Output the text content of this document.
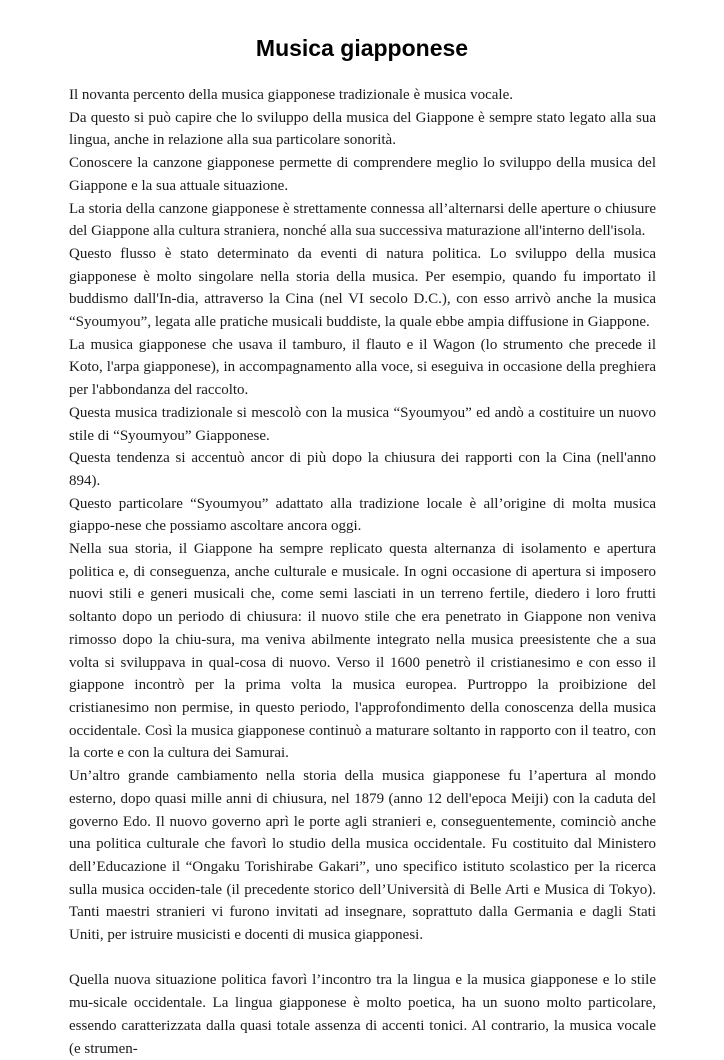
Musica giapponese

Il novanta percento della musica giapponese tradizionale è musica vocale.

Da questo si può capire che lo sviluppo della musica del Giappone è sempre stato legato alla sua lingua, anche in relazione alla sua particolare sonorità.

Conoscere la canzone giapponese permette di comprendere meglio lo sviluppo della musica del Giappone e la sua attuale situazione.

La storia della canzone giapponese è strettamente connessa all’alternarsi delle aperture o chiusure del Giappone alla cultura straniera, nonché alla sua successiva maturazione all'interno dell'isola.

Questo flusso è stato determinato da eventi di natura politica. Lo sviluppo della musica giapponese è molto singolare nella storia della musica. Per esempio, quando fu importato il buddismo dall'In-dia, attraverso la Cina (nel VI secolo D.C.), con esso arrivò anche la musica “Syoumyou”, legata alle pratiche musicali buddiste, la quale ebbe ampia diffusione in Giappone.

La musica giapponese che usava il tamburo, il flauto e il Wagon (lo strumento che precede il Koto, l'arpa giapponese), in accompagnamento alla voce, si eseguiva in occasione della preghiera per l'abbondanza del raccolto.

Questa musica tradizionale si mescolò con la musica “Syoumyou” ed andò a costituire un nuovo stile di “Syoumyou” Giapponese.

Questa tendenza si accentuò ancor di più dopo la chiusura dei rapporti con la Cina (nell'anno 894).

Questo particolare “Syoumyou” adattato alla tradizione locale è all’origine di molta musica giappo-nese che possiamo ascoltare ancora oggi.

Nella sua storia, il Giappone ha sempre replicato questa alternanza di isolamento e apertura politica e, di conseguenza, anche culturale e musicale. In ogni occasione di apertura si imposero nuovi stili e generi musicali che, come semi lasciati in un terreno fertile, diedero i loro frutti soltanto dopo un periodo di chiusura: il nuovo stile che era penetrato in Giappone non veniva rimosso dopo la chiu-sura, ma veniva abilmente integrato nella musica preesistente che a sua volta si sviluppava in qual-cosa di nuovo. Verso il 1600 penetrò il cristianesimo e con esso il giappone incontrò per la prima volta la musica europea. Purtroppo la proibizione del cristianesimo non permise, in questo periodo, l'approfondimento della conoscenza della musica occidentale. Così la musica giapponese continuò a maturare soltanto in rapporto con il teatro, con la corte e con la cultura dei Samurai.

Un’altro grande cambiamento nella storia della musica giapponese fu l’apertura al mondo esterno, dopo quasi mille anni di chiusura, nel 1879 (anno 12 dell'epoca Meiji) con la caduta del governo Edo. Il nuovo governo aprì le porte agli stranieri e, conseguentemente, cominciò anche una politica culturale che favorì lo studio della musica occidentale. Fu costituito dal Ministero dell’Educazione il “Ongaku Torishirabe Gakari”, uno specifico istituto scolastico per la ricerca sulla musica occiden-tale (il precedente storico dell’Università di Belle Arti e Musica di Tokyo). Tanti maestri stranieri vi furono invitati ad insegnare, soprattuto dalla Germania e dagli Stati Uniti, per istruire musicisti e docenti di musica giapponesi.

Quella nuova situazione politica favorì l’incontro tra la lingua e la musica giapponese e lo stile mu-sicale occidentale. La lingua giapponese è molto poetica, ha un suono molto particolare, essendo caratterizzata dalla quasi totale assenza di accenti tonici. Al contrario, la musica vocale (e strumen-
